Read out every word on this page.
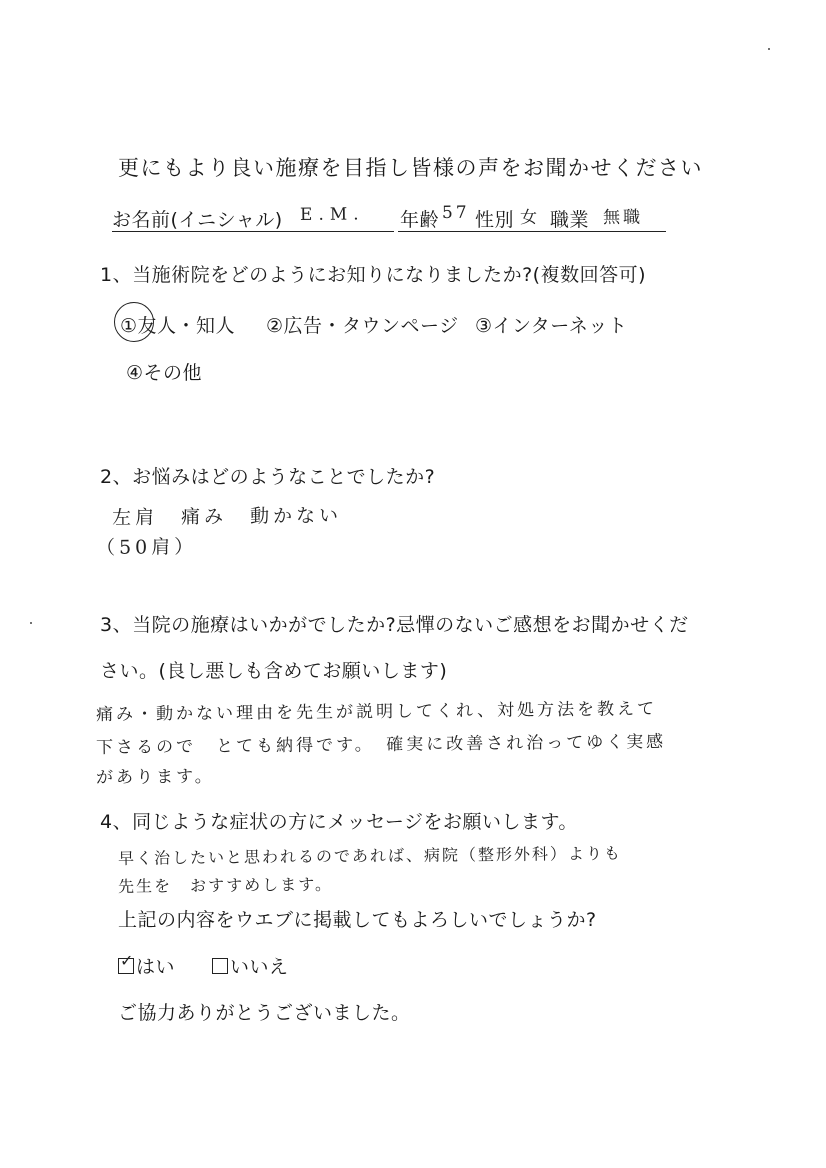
更にもより良い施療を目指し皆様の声をお聞かせください
お名前(イニシャル) E.M. 年齢 57 性別 女 職業 無職
1、当施術院をどのようにお知りになりましたか?(複数回答可)
①友人・知人 ②広告・タウンページ ③インターネット
④その他
2、お悩みはどのようなことでしたか?
左肩　痛み　動かない
（50肩）
3、当院の施療はいかがでしたか?忌憚のないご感想をお聞かせくだ
さい。(良し悪しも含めてお願いします)
痛み・動かない理由を先生が説明してくれ、対処方法を教えて
下さるので　とても納得です。　確実に改善され治ってゆく実感
があります。
4、同じような症状の方にメッセージをお願いします。
早く治したいと思われるのであれば、病院（整形外科）よりも
先生を　おすすめします。
上記の内容をウエブに掲載してもよろしいでしょうか?
✓ はい	いいえ
ご協力ありがとうございました。
